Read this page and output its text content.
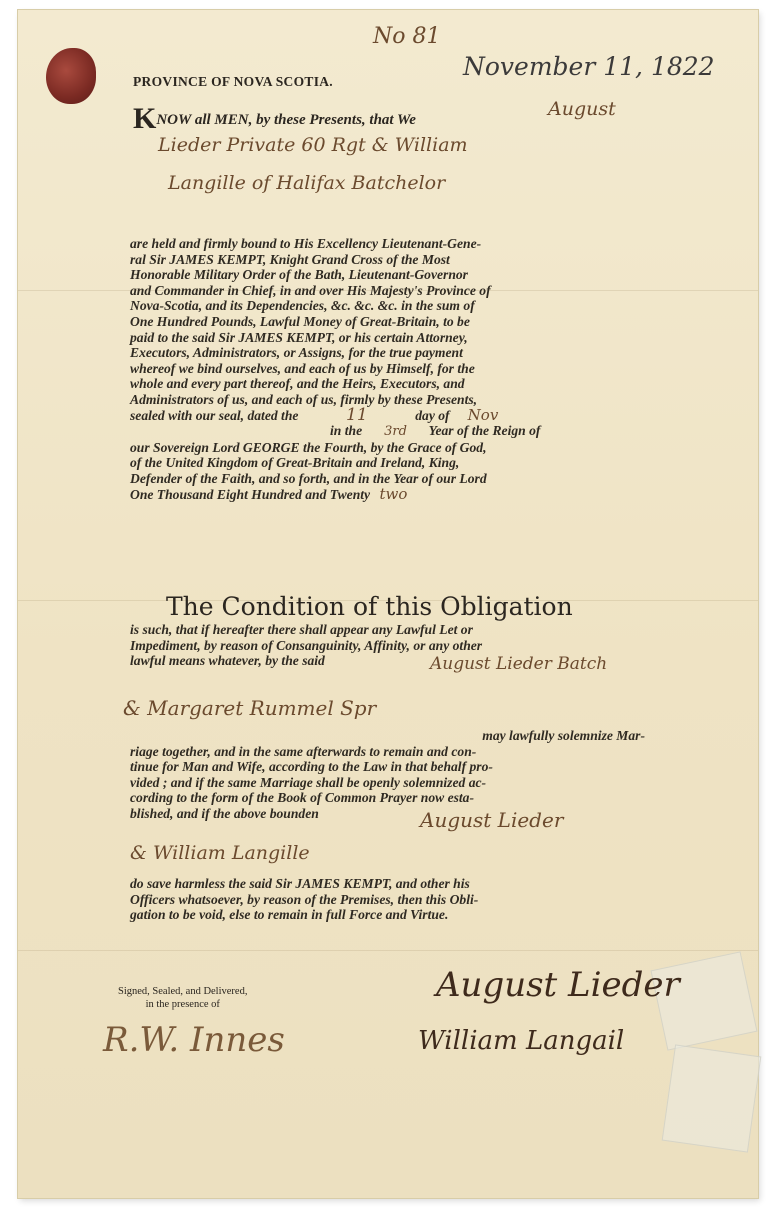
No 81
November 11, 1822
PROVINCE OF NOVA SCOTIA.
KNOW all MEN, by these Presents, that We	August
Lieder Private 60 Rgt & William
Langille of Halifax Batchelor

are held and firmly bound to His Excellency Lieutenant-Gene-

ral Sir JAMES KEMPT, Knight Grand Cross of the Most

Honorable Military Order of the Bath, Lieutenant-Governor

and Commander in Chief, in and over His Majesty's Province of

Nova-Scotia, and its Dependencies, &c. &c. &c. in the sum of

One Hundred Pounds, Lawful Money of Great-Britain, to be

paid to the said Sir JAMES KEMPT, or his certain Attorney,

Executors, Administrators, or Assigns, for the true payment

whereof we bind ourselves, and each of us by Himself, for the

whole and every part thereof, and the Heirs, Executors, and

Administrators of us, and each of us, firmly by these Presents,

sealed with our seal, dated the	11	day of Nov

in the 3rd Year of the Reign of

our Sovereign Lord GEORGE the Fourth, by the Grace of God,

of the United Kingdom of Great-Britain and Ireland, King,

Defender of the Faith, and so forth, and in the Year of our Lord

One Thousand Eight Hundred and Twenty two

The Condition of this Obligation

is such, that if hereafter there shall appear any Lawful Let or

Impediment, by reason of Consanguinity, Affinity, or any other

lawful means whatever, by the said	August Lieder Batch
& Margaret Rummel Spr

may lawfully solemnize Mar-

riage together, and in the same afterwards to remain and con-

tinue for Man and Wife, according to the Law in that behalf pro-

vided ; and if the same Marriage shall be openly solemnized ac-

cording to the form of the Book of Common Prayer now esta-

blished, and if the above bounden	August Lieder
& William Langille

do save harmless the said Sir JAMES KEMPT, and other his

Officers whatsoever, by reason of the Premises, then this Obli-

gation to be void, else to remain in full Force and Virtue.

Signed, Sealed, and Delivered,
in the presence of
R.W. Innes
August Lieder
William Langail
